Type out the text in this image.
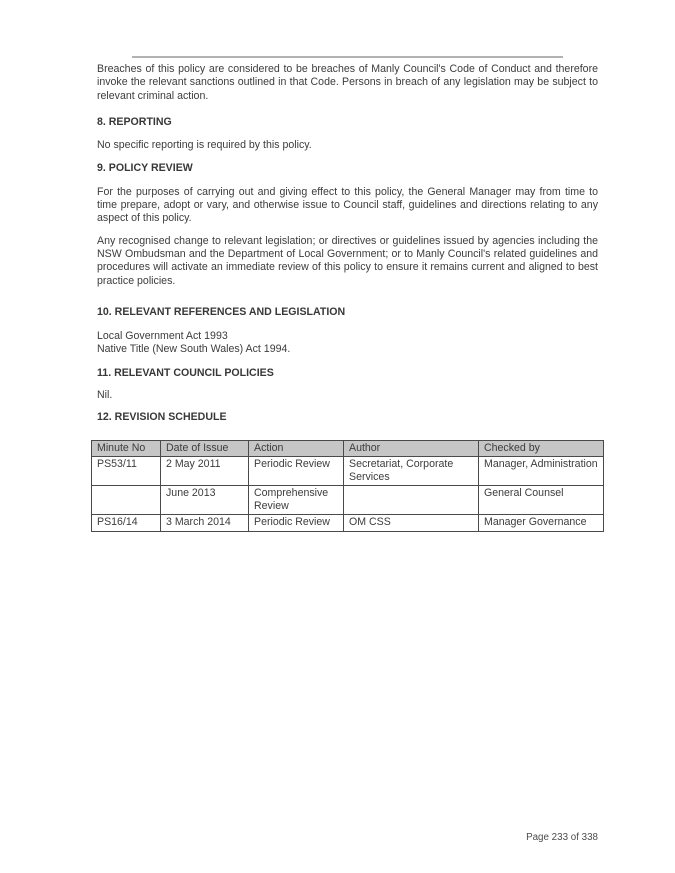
Breaches of this policy are considered to be breaches of Manly Council's Code of Conduct and therefore invoke the relevant sanctions outlined in that Code. Persons in breach of any legislation may be subject to relevant criminal action.

8. REPORTING

No specific reporting is required by this policy.

9. POLICY REVIEW

For the purposes of carrying out and giving effect to this policy, the General Manager may from time to time prepare, adopt or vary, and otherwise issue to Council staff, guidelines and directions relating to any aspect of this policy.

Any recognised change to relevant legislation; or directives or guidelines issued by agencies including the NSW Ombudsman and the Department of Local Government; or to Manly Council's related guidelines and procedures will activate an immediate review of this policy to ensure it remains current and aligned to best practice policies.

10. RELEVANT REFERENCES AND LEGISLATION

Local Government Act 1993

Native Title (New South Wales) Act 1994.

11. RELEVANT COUNCIL POLICIES

Nil.

12. REVISION SCHEDULE
Minute No	Date of Issue	Action	Author	Checked by
PS53/11	2 May 2011	Periodic Review	Secretariat, Corporate Services	Manager, Administration
	June 2013	Comprehensive Review		General Counsel
PS16/14	3 March 2014	Periodic Review	OM CSS	Manager Governance
Page 233 of 338
